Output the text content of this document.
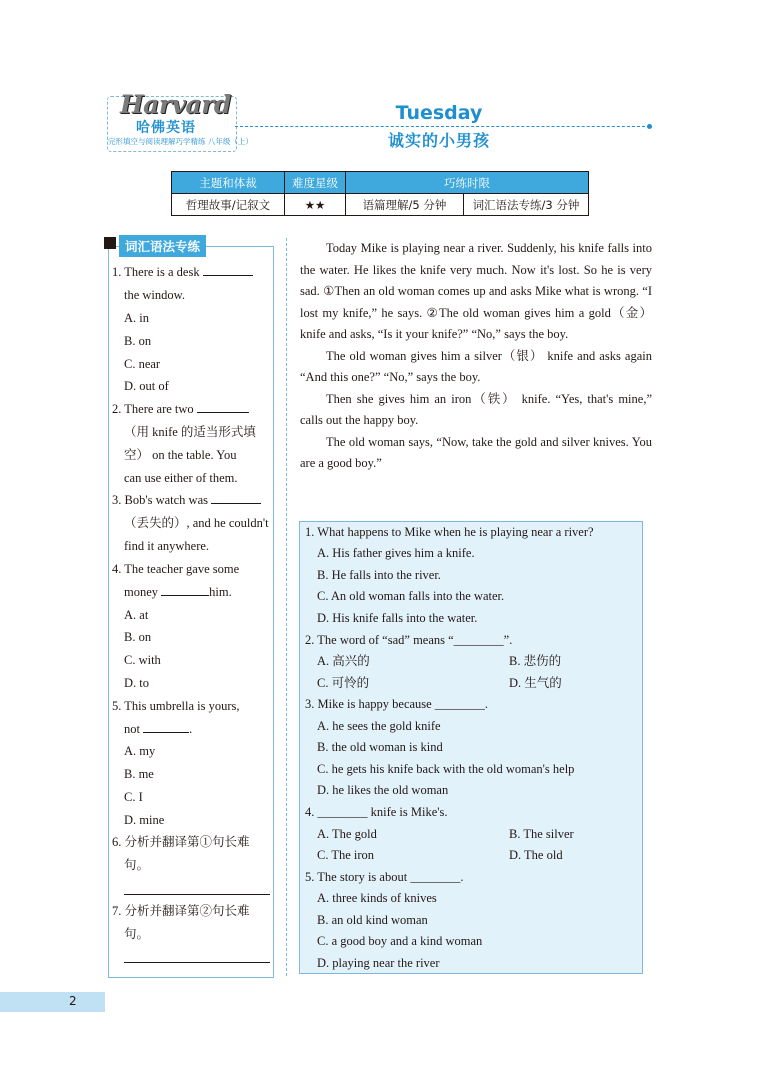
Harvard
哈佛英语
完形填空与阅读理解巧学精练 八年级（上）
Tuesday
诚实的小男孩
主题和体裁	难度星级	巧练时限	
哲理故事/记叙文	★★	语篇理解/5 分钟	词汇语法专练/3 分钟
词汇语法专练
1. There is a desk
the window.
A. in
B. on
C. near
D. out of
2. There are two
（用 knife 的适当形式填
空） on the table. You
can use either of them.
3. Bob's watch was
（丢失的）, and he couldn't
find it anywhere.
4. The teacher gave some
money	him.
A. at
B. on
C. with
D. to
5. This umbrella is yours,
not	.
A. my
B. me
C. I
D. mine
6. 分析并翻译第①句长难
句。
7. 分析并翻译第②句长难
句。

Today Mike is playing near a river. Suddenly, his knife falls into the water. He likes the knife very much. Now it's lost. So he is very sad. ①Then an old woman comes up and asks Mike what is wrong. “I lost my knife,” he says. ②The old woman gives him a gold（金） knife and asks, “Is it your knife?” “No,” says the boy.

The old woman gives him a silver（银） knife and asks again “And this one?” “No,” says the boy.

Then she gives him an iron（铁） knife. “Yes, that's mine,” calls out the happy boy.

The old woman says, “Now, take the gold and silver knives. You are a good boy.”

1. What happens to Mike when he is playing near a river?
A. His father gives him a knife.
B. He falls into the river.
C. An old woman falls into the water.
D. His knife falls into the water.
2. The word of “sad” means “________”.
A. 高兴的	B. 悲伤的
C. 可怜的	D. 生气的
3. Mike is happy because ________.
A. he sees the gold knife
B. the old woman is kind
C. he gets his knife back with the old woman's help
D. he likes the old woman
4. ________ knife is Mike's.
A. The gold	B. The silver
C. The iron	D. The old
5. The story is about ________.
A. three kinds of knives
B. an old kind woman
C. a good boy and a kind woman
D. playing near the river
2
